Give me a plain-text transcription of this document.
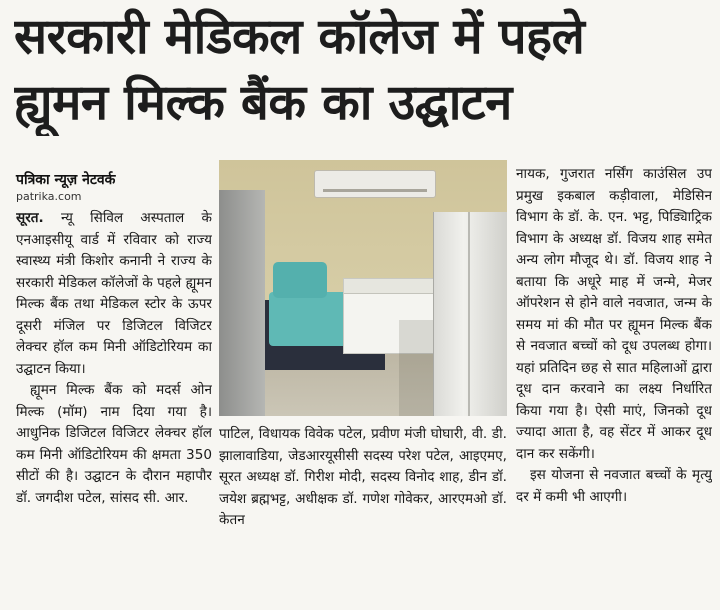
सरकारी मेडिकल कॉलेज में पहले
ह्यूमन मिल्क बैंक का उद्घाटन
पत्रिका न्यूज़ नेटवर्क
patrika.com

सूरत. न्यू सिविल अस्पताल के एनआइसीयू वार्ड में रविवार को राज्य स्वास्थ्य मंत्री किशोर कनानी ने राज्य के सरकारी मेडिकल कॉलेजों के पहले ह्यूमन मिल्क बैंक तथा मेडिकल स्टोर के ऊपर दूसरी मंजिल पर डिजिटल विजिटर लेक्चर हॉल कम मिनी ऑडिटोरियम का उद्घाटन किया।

ह्यूमन मिल्क बैंक को मदर्स ओन मिल्क (मॉम) नाम दिया गया है। आधुनिक डिजिटल विजिटर लेक्चर हॉल कम मिनी ऑडिटोरियम की क्षमता 350 सीटों की है। उद्घाटन के दौरान महापौर डॉ. जगदीश पटेल, सांसद सी. आर.

पाटिल, विधायक विवेक पटेल, प्रवीण मंजी घोघारी, वी. डी. झालावाडिया, जेडआरयूसीसी सदस्य परेश पटेल, आइएमए, सूरत अध्यक्ष डॉ. गिरीश मोदी, सदस्य विनोद शाह, डीन डॉ. जयेश ब्रह्मभट्ट, अधीक्षक डॉ. गणेश गोवेकर, आरएमओ डॉ. केतन

नायक, गुजरात नर्सिंग काउंसिल उप प्रमुख इकबाल कड़ीवाला, मेडिसिन विभाग के डॉ. के. एन. भट्ट, पिड्यािट्रिक विभाग के अध्यक्ष डॉ. विजय शाह समेत अन्य लोग मौजूद थे। डॉ. विजय शाह ने बताया कि अधूरे माह में जन्मे, मेजर ऑपरेशन से होने वाले नवजात, जन्म के समय मां की मौत पर ह्यूमन मिल्क बैंक से नवजात बच्चों को दूध उपलब्ध होगा। यहां प्रतिदिन छह से सात महिलाओं द्वारा दूध दान करवाने का लक्ष्य निर्धारित किया गया है। ऐसी माएं, जिनको दूध ज्यादा आता है, वह सेंटर में आकर दूध दान कर सकेंगी।

इस योजना से नवजात बच्चों के मृत्यु दर में कमी भी आएगी।
